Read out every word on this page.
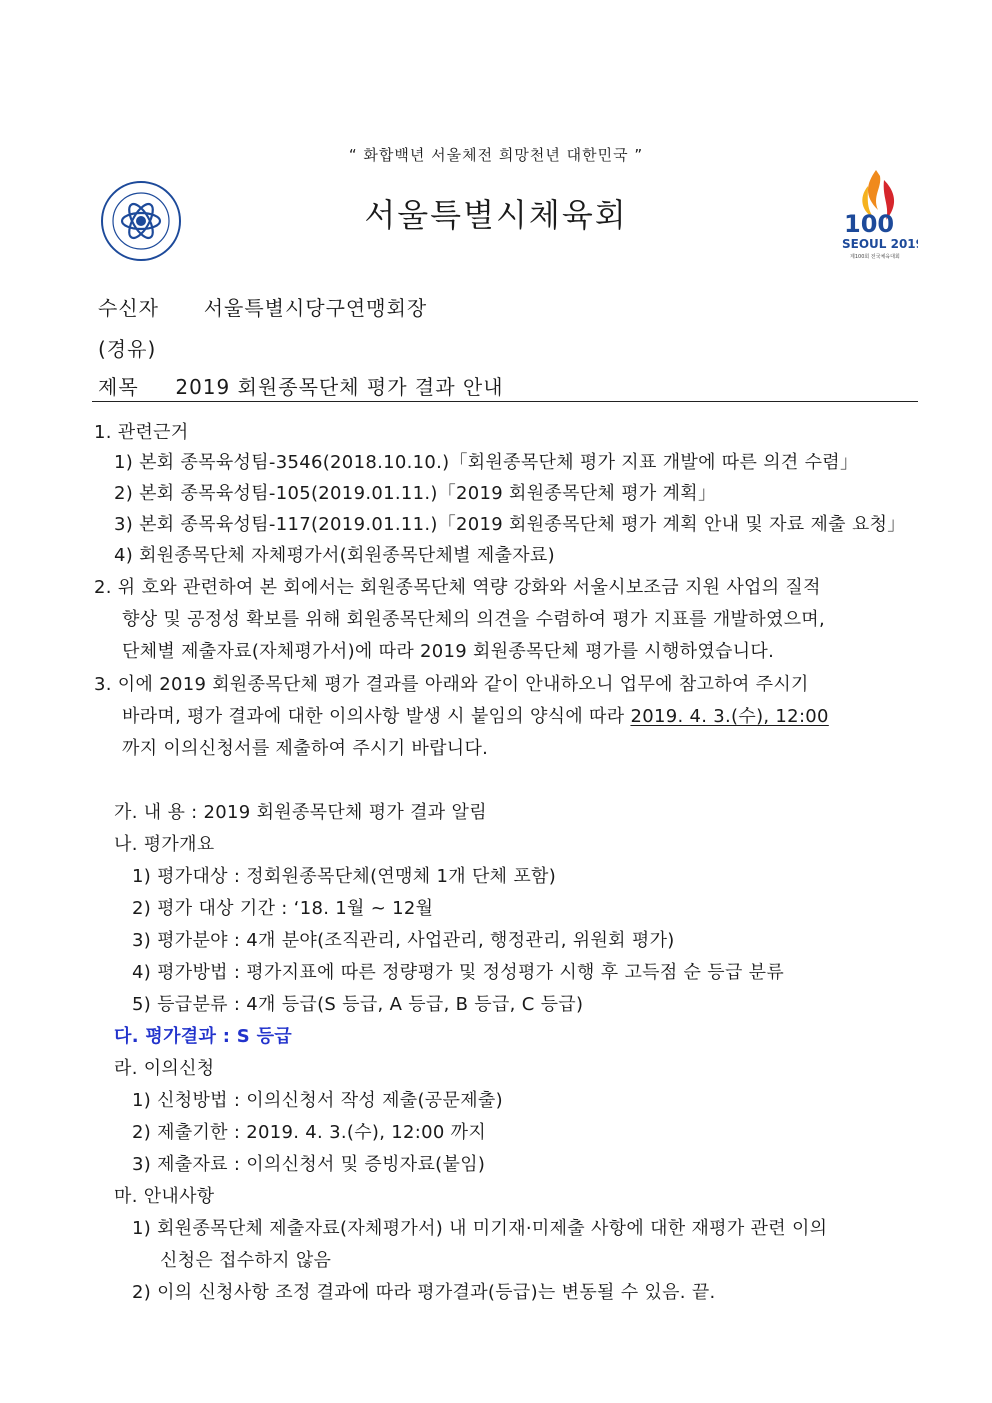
“ 화합백년 서울체전 희망천년 대한민국 ”
서울특별시체육회	100
SEOUL 2019
제100회 전국체육대회
수신자 서울특별시당구연맹회장
(경유)
제목 2019 회원종목단체 평가 결과 안내
1. 관련근거
1) 본회 종목육성팀-3546(2018.10.10.)「회원종목단체 평가 지표 개발에 따른 의견 수렴」
2) 본회 종목육성팀-105(2019.01.11.)「2019 회원종목단체 평가 계획」
3) 본회 종목육성팀-117(2019.01.11.)「2019 회원종목단체 평가 계획 안내 및 자료 제출 요청」
4) 회원종목단체 자체평가서(회원종목단체별 제출자료)
2. 위 호와 관련하여 본 회에서는 회원종목단체 역량 강화와 서울시보조금 지원 사업의 질적
향상 및 공정성 확보를 위해 회원종목단체의 의견을 수렴하여 평가 지표를 개발하였으며,
단체별 제출자료(자체평가서)에 따라 2019 회원종목단체 평가를 시행하였습니다.
3. 이에 2019 회원종목단체 평가 결과를 아래와 같이 안내하오니 업무에 참고하여 주시기
바라며, 평가 결과에 대한 이의사항 발생 시 붙임의 양식에 따라 2019. 4. 3.(수), 12:00
까지 이의신청서를 제출하여 주시기 바랍니다.
가. 내 용 : 2019 회원종목단체 평가 결과 알림
나. 평가개요
1) 평가대상 : 정회원종목단체(연맹체 1개 단체 포함)
2) 평가 대상 기간 : ‘18. 1월 ~ 12월
3) 평가분야 : 4개 분야(조직관리, 사업관리, 행정관리, 위원회 평가)
4) 평가방법 : 평가지표에 따른 정량평가 및 정성평가 시행 후 고득점 순 등급 분류
5) 등급분류 : 4개 등급(S 등급, A 등급, B 등급, C 등급)
다. 평가결과 : S 등급
라. 이의신청
1) 신청방법 : 이의신청서 작성 제출(공문제출)
2) 제출기한 : 2019. 4. 3.(수), 12:00 까지
3) 제출자료 : 이의신청서 및 증빙자료(붙임)
마. 안내사항
1) 회원종목단체 제출자료(자체평가서) 내 미기재·미제출 사항에 대한 재평가 관련 이의
신청은 접수하지 않음
2) 이의 신청사항 조정 결과에 따라 평가결과(등급)는 변동될 수 있음. 끝.
